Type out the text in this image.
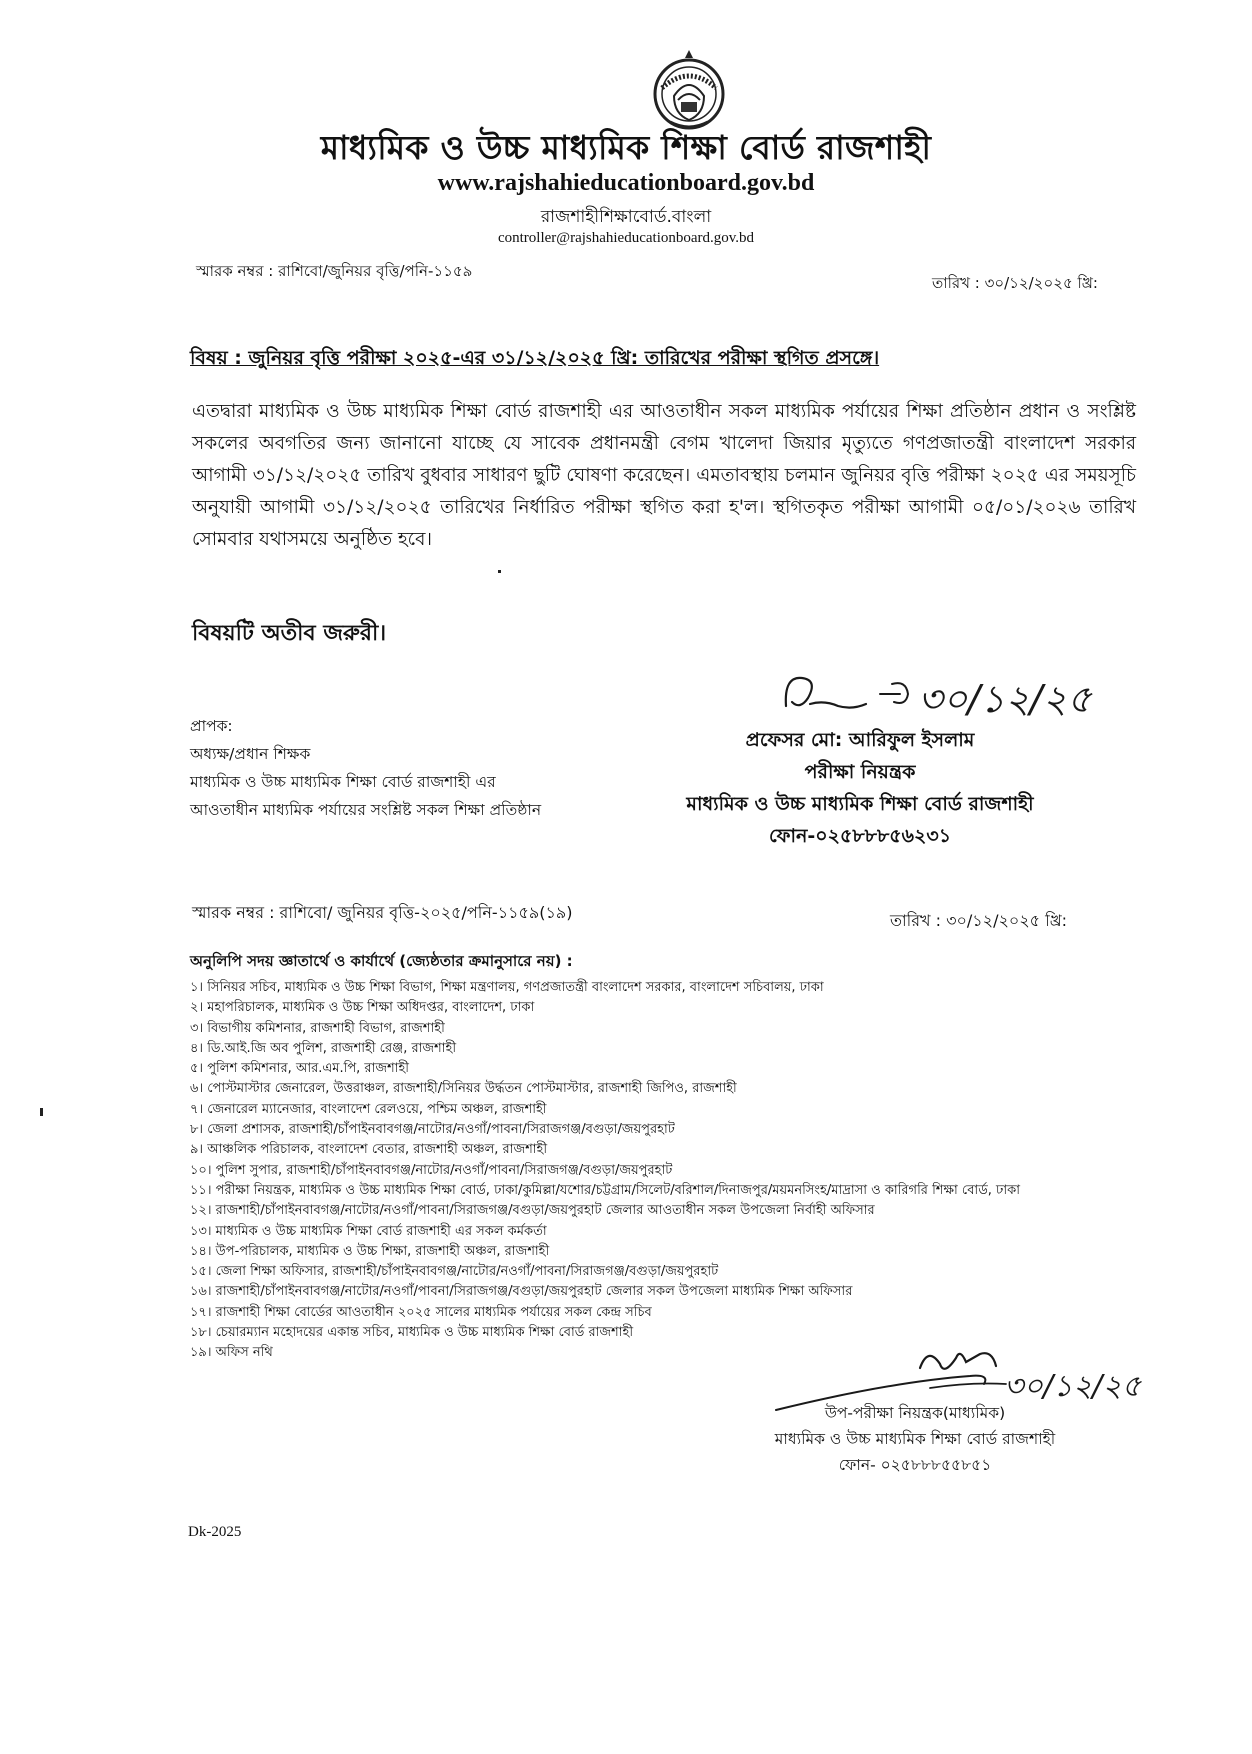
মাধ্যমিক ও উচ্চ মাধ্যমিক শিক্ষা বোর্ড রাজশাহী
www.rajshahieducationboard.gov.bd
রাজশাহীশিক্ষাবোর্ড.বাংলা
controller@rajshahieducationboard.gov.bd
স্মারক নম্বর : রাশিবো/জুনিয়র বৃত্তি/পনি-১১৫৯
তারিখ : ৩০/১২/২০২৫ খ্রি:
বিষয় : জুনিয়র বৃত্তি পরীক্ষা ২০২৫-এর ৩১/১২/২০২৫ খ্রি: তারিখের পরীক্ষা স্থগিত প্রসঙ্গে।
এতদ্বারা মাধ্যমিক ও উচ্চ মাধ্যমিক শিক্ষা বোর্ড রাজশাহী এর আওতাধীন সকল মাধ্যমিক পর্যায়ের শিক্ষা প্রতিষ্ঠান প্রধান ও সংশ্লিষ্ট সকলের অবগতির জন্য জানানো যাচ্ছে যে সাবেক প্রধানমন্ত্রী বেগম খালেদা জিয়ার মৃত্যুতে গণপ্রজাতন্ত্রী বাংলাদেশ সরকার আগামী ৩১/১২/২০২৫ তারিখ বুধবার সাধারণ ছুটি ঘোষণা করেছেন। এমতাবস্থায় চলমান জুনিয়র বৃত্তি পরীক্ষা ২০২৫ এর সময়সূচি অনুযায়ী আগামী ৩১/১২/২০২৫ তারিখের নির্ধারিত পরীক্ষা স্থগিত করা হ'ল। স্থগিতকৃত পরীক্ষা আগামী ০৫/০১/২০২৬ তারিখ সোমবার যথাসময়ে অনুষ্ঠিত হবে।
বিষয়টি অতীব জরুরী।
প্রাপক:
অধ্যক্ষ/প্রধান শিক্ষক
মাধ্যমিক ও উচ্চ মাধ্যমিক শিক্ষা বোর্ড রাজশাহী এর
আওতাধীন মাধ্যমিক পর্যায়ের সংশ্লিষ্ট সকল শিক্ষা প্রতিষ্ঠান
৩০/১২/২৫
প্রফেসর মো: আরিফুল ইসলাম
পরীক্ষা নিয়ন্ত্রক
মাধ্যমিক ও উচ্চ মাধ্যমিক শিক্ষা বোর্ড রাজশাহী
ফোন-০২৫৮৮৮৫৬২৩১
স্মারক নম্বর : রাশিবো/ জুনিয়র বৃত্তি-২০২৫/পনি-১১৫৯(১৯)	তারিখ : ৩০/১২/২০২৫ খ্রি:
অনুলিপি সদয় জ্ঞাতার্থে ও কার্যার্থে (জ্যেষ্ঠতার ক্রমানুসারে নয়) :
১। সিনিয়র সচিব, মাধ্যমিক ও উচ্চ শিক্ষা বিভাগ, শিক্ষা মন্ত্রণালয়, গণপ্রজাতন্ত্রী বাংলাদেশ সরকার, বাংলাদেশ সচিবালয়, ঢাকা
২। মহাপরিচালক, মাধ্যমিক ও উচ্চ শিক্ষা অধিদপ্তর, বাংলাদেশ, ঢাকা
৩। বিভাগীয় কমিশনার, রাজশাহী বিভাগ, রাজশাহী
৪। ডি.আই.জি অব পুলিশ, রাজশাহী রেঞ্জ, রাজশাহী
৫। পুলিশ কমিশনার, আর.এম.পি, রাজশাহী
৬। পোস্টমাস্টার জেনারেল, উত্তরাঞ্চল, রাজশাহী/সিনিয়র উর্দ্ধতন পোস্টমাস্টার, রাজশাহী জিপিও, রাজশাহী
৭। জেনারেল ম্যানেজার, বাংলাদেশ রেলওয়ে, পশ্চিম অঞ্চল, রাজশাহী
৮। জেলা প্রশাসক, রাজশাহী/চাঁপাইনবাবগঞ্জ/নাটোর/নওগাঁ/পাবনা/সিরাজগঞ্জ/বগুড়া/জয়পুরহাট
৯। আঞ্চলিক পরিচালক, বাংলাদেশ বেতার, রাজশাহী অঞ্চল, রাজশাহী
১০। পুলিশ সুপার, রাজশাহী/চাঁপাইনবাবগঞ্জ/নাটোর/নওগাঁ/পাবনা/সিরাজগঞ্জ/বগুড়া/জয়পুরহাট
১১। পরীক্ষা নিয়ন্ত্রক, মাধ্যমিক ও উচ্চ মাধ্যমিক শিক্ষা বোর্ড, ঢাকা/কুমিল্লা/যশোর/চট্টগ্রাম/সিলেট/বরিশাল/দিনাজপুর/ময়মনসিংহ/মাদ্রাসা ও কারিগরি শিক্ষা বোর্ড, ঢাকা
১২। রাজশাহী/চাঁপাইনবাবগঞ্জ/নাটোর/নওগাঁ/পাবনা/সিরাজগঞ্জ/বগুড়া/জয়পুরহাট জেলার আওতাধীন সকল উপজেলা নির্বাহী অফিসার
১৩। মাধ্যমিক ও উচ্চ মাধ্যমিক শিক্ষা বোর্ড রাজশাহী এর সকল কর্মকর্তা
১৪। উপ-পরিচালক, মাধ্যমিক ও উচ্চ শিক্ষা, রাজশাহী অঞ্চল, রাজশাহী
১৫। জেলা শিক্ষা অফিসার, রাজশাহী/চাঁপাইনবাবগঞ্জ/নাটোর/নওগাঁ/পাবনা/সিরাজগঞ্জ/বগুড়া/জয়পুরহাট
১৬। রাজশাহী/চাঁপাইনবাবগঞ্জ/নাটোর/নওগাঁ/পাবনা/সিরাজগঞ্জ/বগুড়া/জয়পুরহাট জেলার সকল উপজেলা মাধ্যমিক শিক্ষা অফিসার
১৭। রাজশাহী শিক্ষা বোর্ডের আওতাধীন ২০২৫ সালের মাধ্যমিক পর্যায়ের সকল কেন্দ্র সচিব
১৮। চেয়ারম্যান মহোদয়ের একান্ত সচিব, মাধ্যমিক ও উচ্চ মাধ্যমিক শিক্ষা বোর্ড রাজশাহী
১৯। অফিস নথি
৩০/১২/২৫
উপ-পরীক্ষা নিয়ন্ত্রক(মাধ্যমিক)
মাধ্যমিক ও উচ্চ মাধ্যমিক শিক্ষা বোর্ড রাজশাহী
ফোন- ০২৫৮৮৮৫৫৮৫১
Dk-2025
